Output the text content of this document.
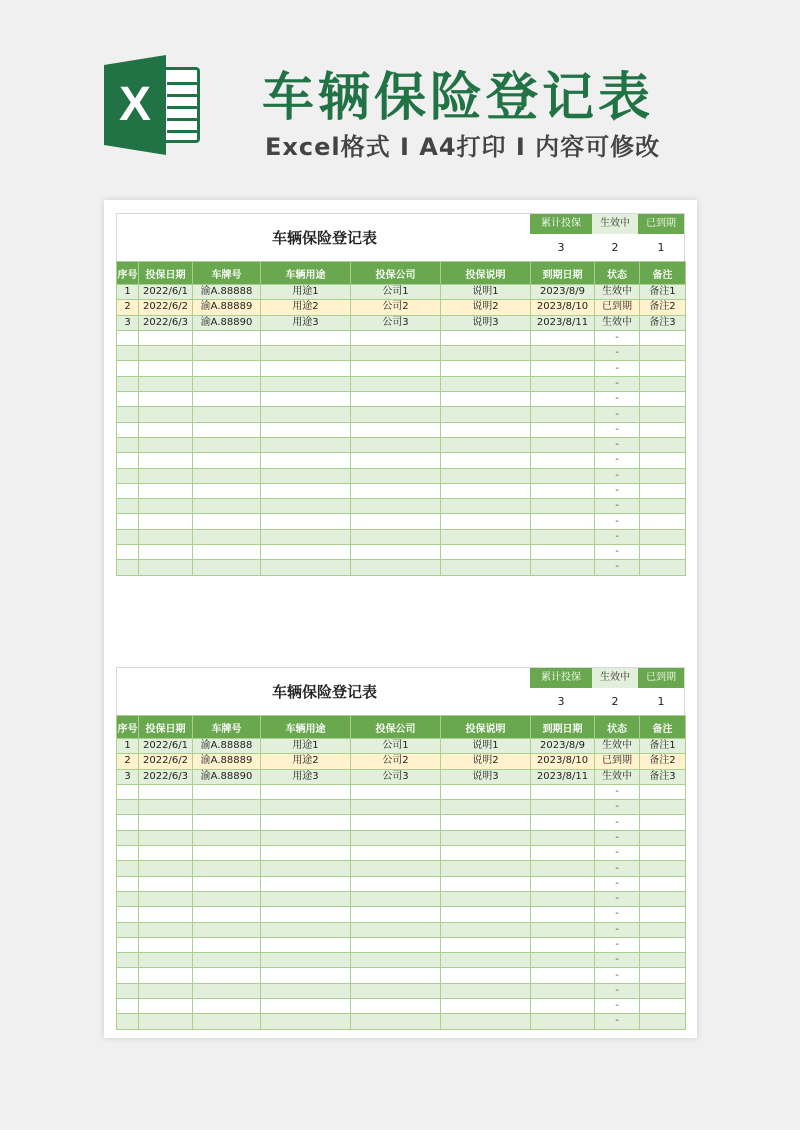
X 车辆保险登记表
Excel格式 I A4打印 I 内容可修改
车辆保险登记表
累计投保
3
生效中
2
已到期
1
序号	投保日期	车牌号	车辆用途	投保公司	投保说明	到期日期	状态	备注
1	2022/6/1	渝A.88888	用途1	公司1	说明1	2023/8/9	生效中	备注1
2	2022/6/2	渝A.88889	用途2	公司2	说明2	2023/8/10	已到期	备注2
3	2022/6/3	渝A.88890	用途3	公司3	说明3	2023/8/11	生效中	备注3
							-	
							-	
							-	
							-	
							-	
							-	
							-	
							-	
							-	
							-	
							-	
							-	
							-	
							-	
							-	
							-	
车辆保险登记表
累计投保
3
生效中
2
已到期
1
序号	投保日期	车牌号	车辆用途	投保公司	投保说明	到期日期	状态	备注
1	2022/6/1	渝A.88888	用途1	公司1	说明1	2023/8/9	生效中	备注1
2	2022/6/2	渝A.88889	用途2	公司2	说明2	2023/8/10	已到期	备注2
3	2022/6/3	渝A.88890	用途3	公司3	说明3	2023/8/11	生效中	备注3
							-	
							-	
							-	
							-	
							-	
							-	
							-	
							-	
							-	
							-	
							-	
							-	
							-	
							-	
							-	
							-	
